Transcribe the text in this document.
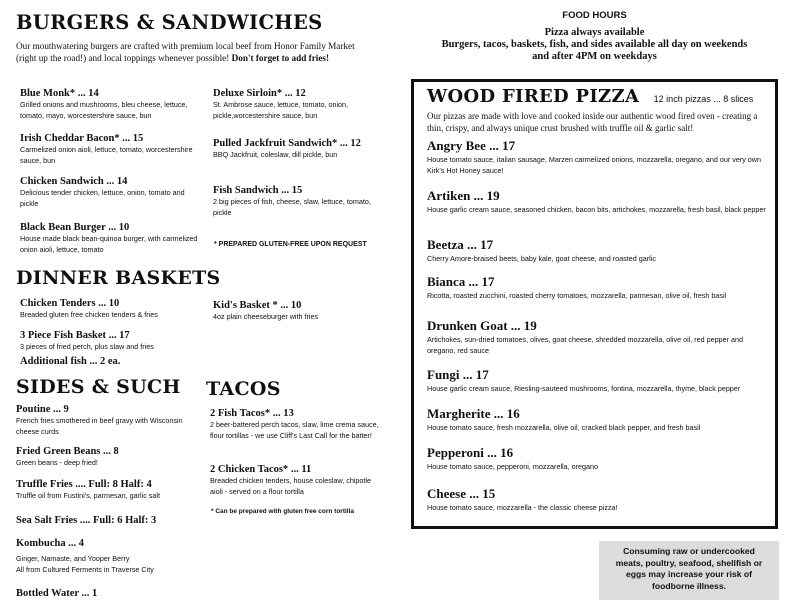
BURGERS & SANDWICHES
Our mouthwatering burgers are crafted with premium local beef from Honor Family Market (right up the road!) and local toppings whenever possible! Don't forget to add fries!
Blue Monk* ... 14
Grilled onions and mushrooms, bleu cheese, lettuce, tomato, mayo, worcestershire sauce, bun
Irish Cheddar Bacon* ... 15
Carmelized onion aioli, lettuce, tomato, worcestershire sauce, bun
Chicken Sandwich ... 14
Delicious tender chicken, lettuce, onion, tomato and pickle
Black Bean Burger ... 10
House made black bean-quinoa burger, with carmelized onion aioli, lettuce, tomato
Deluxe Sirloin* ... 12
St. Ambrose sauce, lettuce, tomato, onion, pickle,worcestershire sauce, bun
Pulled Jackfruit Sandwich* ... 12
BBQ Jackfruit, coleslaw, dill pickle, bun
Fish Sandwich ... 15
2 big pieces of fish, cheese, slaw, lettuce, tomato, pickle
* PREPARED GLUTEN-FREE UPON REQUEST
DINNER BASKETS
Chicken Tenders ... 10
Breaded gluten free chicken tenders & fries
3 Piece Fish Basket ... 17
3 pieces of fried perch, plus slaw and fries
Additional fish ... 2 ea.
Kid's Basket * ... 10
4oz plain cheeseburger with fries
SIDES & SUCH
Poutine ... 9
French fries smothered in beef gravy with Wisconsin cheese curds
Fried Green Beans ... 8
Green beans - deep fried!
Truffle Fries .... Full: 8 Half: 4
Truffle oil from Fustini's, parmesan, garlic salt
Sea Salt Fries .... Full: 6 Half: 3
Kombucha ... 4
Ginger, Namaste, and Yooper Berry
All from Cultured Ferments in Traverse City
Bottled Water ... 1
TACOS
2 Fish Tacos* ... 13
2 beer-battered perch tacos, slaw, lime crema sauce, flour tortillas - we use Cliff's Last Call for the batter!
2 Chicken Tacos* ... 11
Breaded chicken tenders, house coleslaw, chipotle aioli - served on a flour tortilla
* Can be prepared with gluten free corn tortilla
FOOD HOURS
Pizza always available
Burgers, tacos, baskets, fish, and sides available all day on weekends
and after 4PM on weekdays
WOOD FIRED PIZZA 12 inch pizzas ... 8 slices
Our pizzas are made with love and cooked inside our authentic wood fired oven - creating a thin, crispy, and always unique crust brushed with truffle oil & garlic salt!
Angry Bee ... 17
House tomato sauce, italian sausage, Marzen carmelized onions, mozzarella, oregano, and our very own Kirk's Hot Honey sauce!
Artiken ... 19
House garlic cream sauce, seasoned chicken, bacon bits, artichokes, mozzarella, fresh basil, black pepper
Beetza ... 17
Cherry Amore-braised beets, baby kale, goat cheese, and roasted garlic
Bianca ... 17
Ricotta, roasted zucchini, roasted cherry tomatoes, mozzarella, parmesan, olive oil, fresh basil
Drunken Goat ... 19
Artichokes, sun-dried tomatoes, olives, goat cheese, shredded mozzarella, olive oil, red pepper and oregano, red sauce
Fungi ... 17
House garlic cream sauce, Riesling-sauteed mushrooms, fontina, mozzarella, thyme, black pepper
Margherite ... 16
House tomato sauce, fresh mozzarella, olive oil, cracked black pepper, and fresh basil
Pepperoni ... 16
House tomato sauce, pepperoni, mozzarella, oregano
Cheese ... 15
House tomato sauce, mozzarella - the classic cheese pizza!
Consuming raw or undercooked meats, poultry, seafood, shellfish or eggs may increase your risk of foodborne illness.
